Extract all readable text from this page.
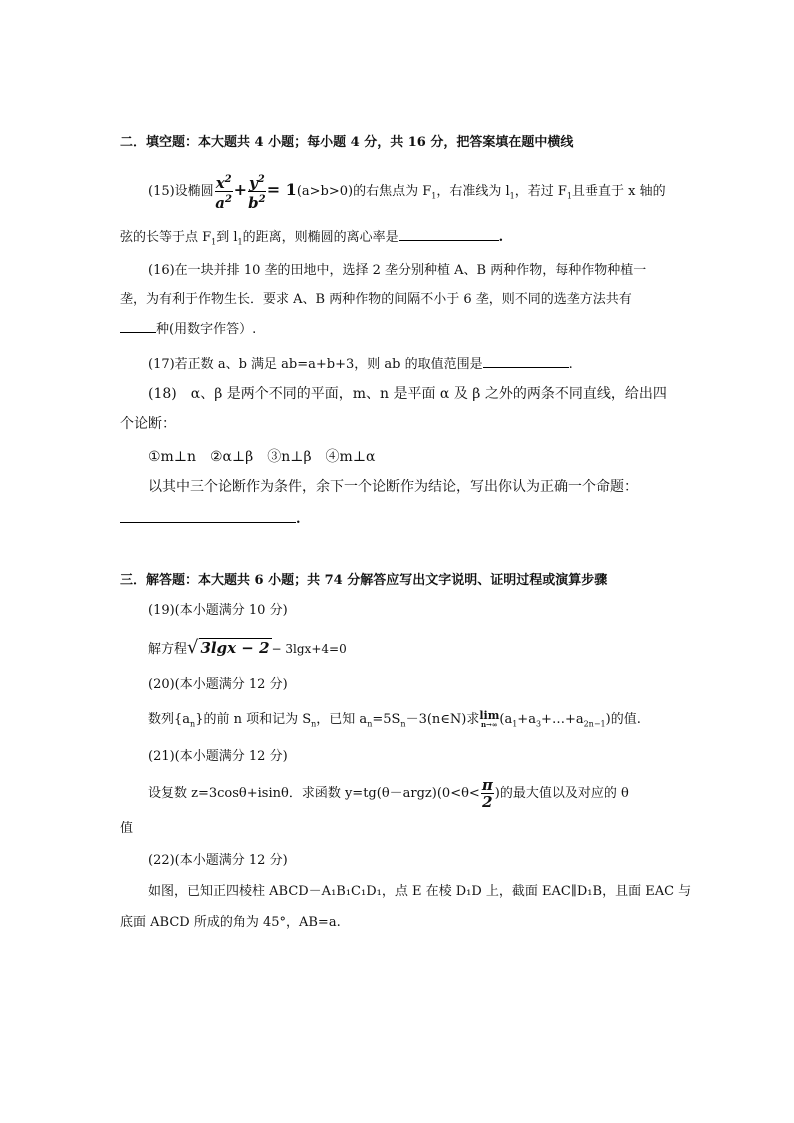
二．填空题：本大题共 4 小题；每小题 4 分，共 16 分，把答案填在题中横线
(15)设椭圆 $\frac{x^2}{a^2} + \frac{y^2}{b^2} = 1(a>b>0)$的右焦点为 $F_1$，右准线为 $l_1$，若过 $F_1$且垂直于 x 轴的
弦的长等于点 $F_1$到 $l_1$的距离，则椭圆的离心率是	.
(16)在一块并排 10 垄的田地中，选择 2 垄分别种植 A、B 两种作物，每种作物种植一
垄，为有利于作物生长．要求 A、B 两种作物的间隔不小于 6 垄，则不同的选垄方法共有
种(用数字作答）.
(17)若正数 a、b 满足 ab=a+b+3，则 ab 的取值范围是	.
(18)　α、β 是两个不同的平面，m、n 是平面 α 及 β 之外的两条不同直线，给出四
个论断：
①m⊥n　②α⊥β　③n⊥β　④m⊥α
以其中三个论断作为条件，余下一个论断作为结论，写出你认为正确一个命题：
.
三．解答题：本大题共 6 小题；共 74 分解答应写出文字说明、证明过程或演算步骤
(19)(本小题满分 10 分)
解方程√ 3lgx − 2 − 3lgx+4=0
(20)(本小题满分 12 分)
数列$\{a_n\}$的前 n 项和记为 $S_n$，已知 $a_n=5S_n-3(n\in N)$求 lim
n→∞ $(a_1+a_3+\dots+a_{2n-1})$的值.
(21)(本小题满分 12 分)
设复数 z=3cosθ+isinθ．求函数 y=tg(θ－argz)(0<θ< $\frac{\pi}{2}$ )的最大值以及对应的 θ
值
(22)(本小题满分 12 分)
如图，已知正四棱柱 ABCD－A₁B₁C₁D₁，点 E 在棱 D₁D 上，截面 EAC∥D₁B，且面 EAC 与
底面 ABCD 所成的角为 45°，AB=a.
